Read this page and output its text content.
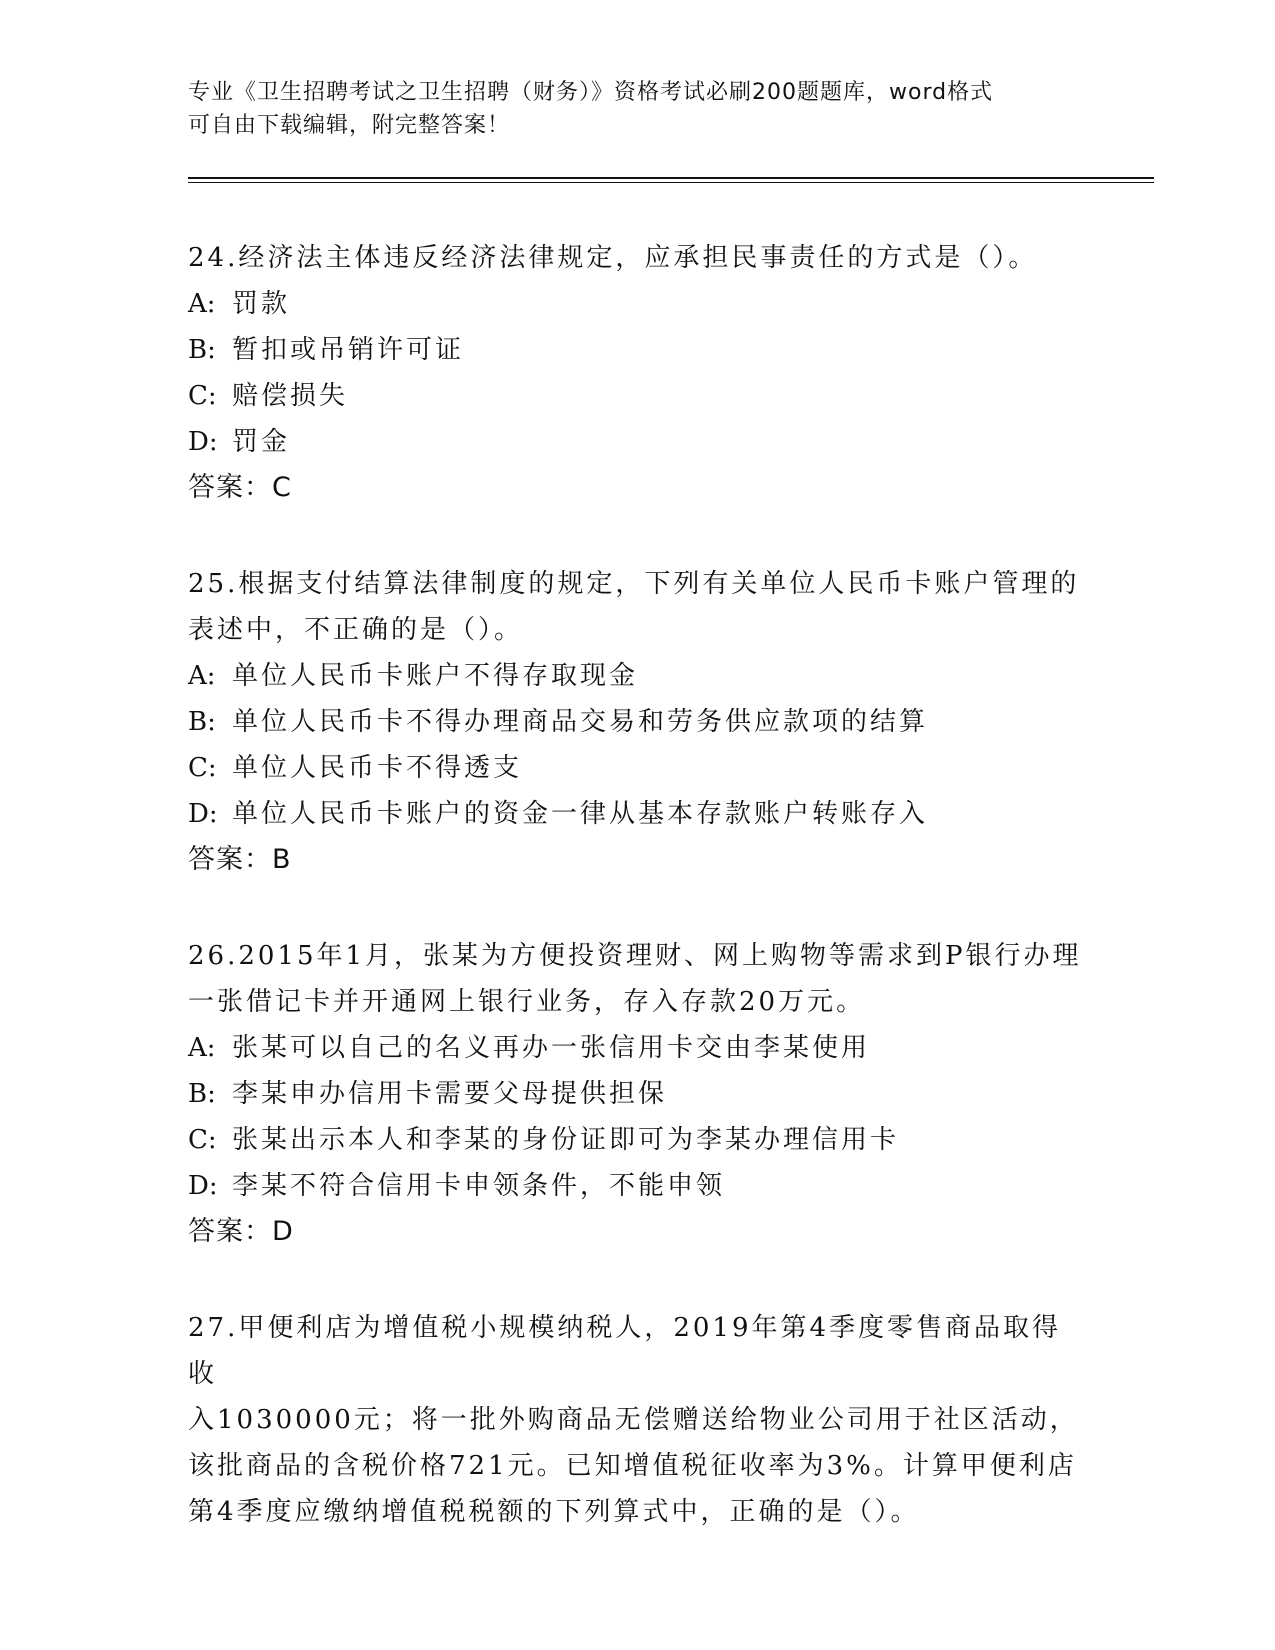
专业《卫生招聘考试之卫生招聘（财务）》资格考试必刷200题题库，word格式
可自由下载编辑，附完整答案！
24.经济法主体违反经济法律规定，应承担民事责任的方式是（）。
A: 罚款
B: 暂扣或吊销许可证
C: 赔偿损失
D: 罚金
答案：C
25.根据支付结算法律制度的规定，下列有关单位人民币卡账户管理的
表述中，不正确的是（）。
A: 单位人民币卡账户不得存取现金
B: 单位人民币卡不得办理商品交易和劳务供应款项的结算
C: 单位人民币卡不得透支
D: 单位人民币卡账户的资金一律从基本存款账户转账存入
答案：B
26.2015年1月，张某为方便投资理财、网上购物等需求到P银行办理
一张借记卡并开通网上银行业务，存入存款20万元。
A: 张某可以自己的名义再办一张信用卡交由李某使用
B: 李某申办信用卡需要父母提供担保
C: 张某出示本人和李某的身份证即可为李某办理信用卡
D: 李某不符合信用卡申领条件，不能申领
答案：D
27.甲便利店为增值税小规模纳税人，2019年第4季度零售商品取得收
入1030000元；将一批外购商品无偿赠送给物业公司用于社区活动，
该批商品的含税价格721元。已知增值税征收率为3%。计算甲便利店
第4季度应缴纳增值税税额的下列算式中，正确的是（）。
